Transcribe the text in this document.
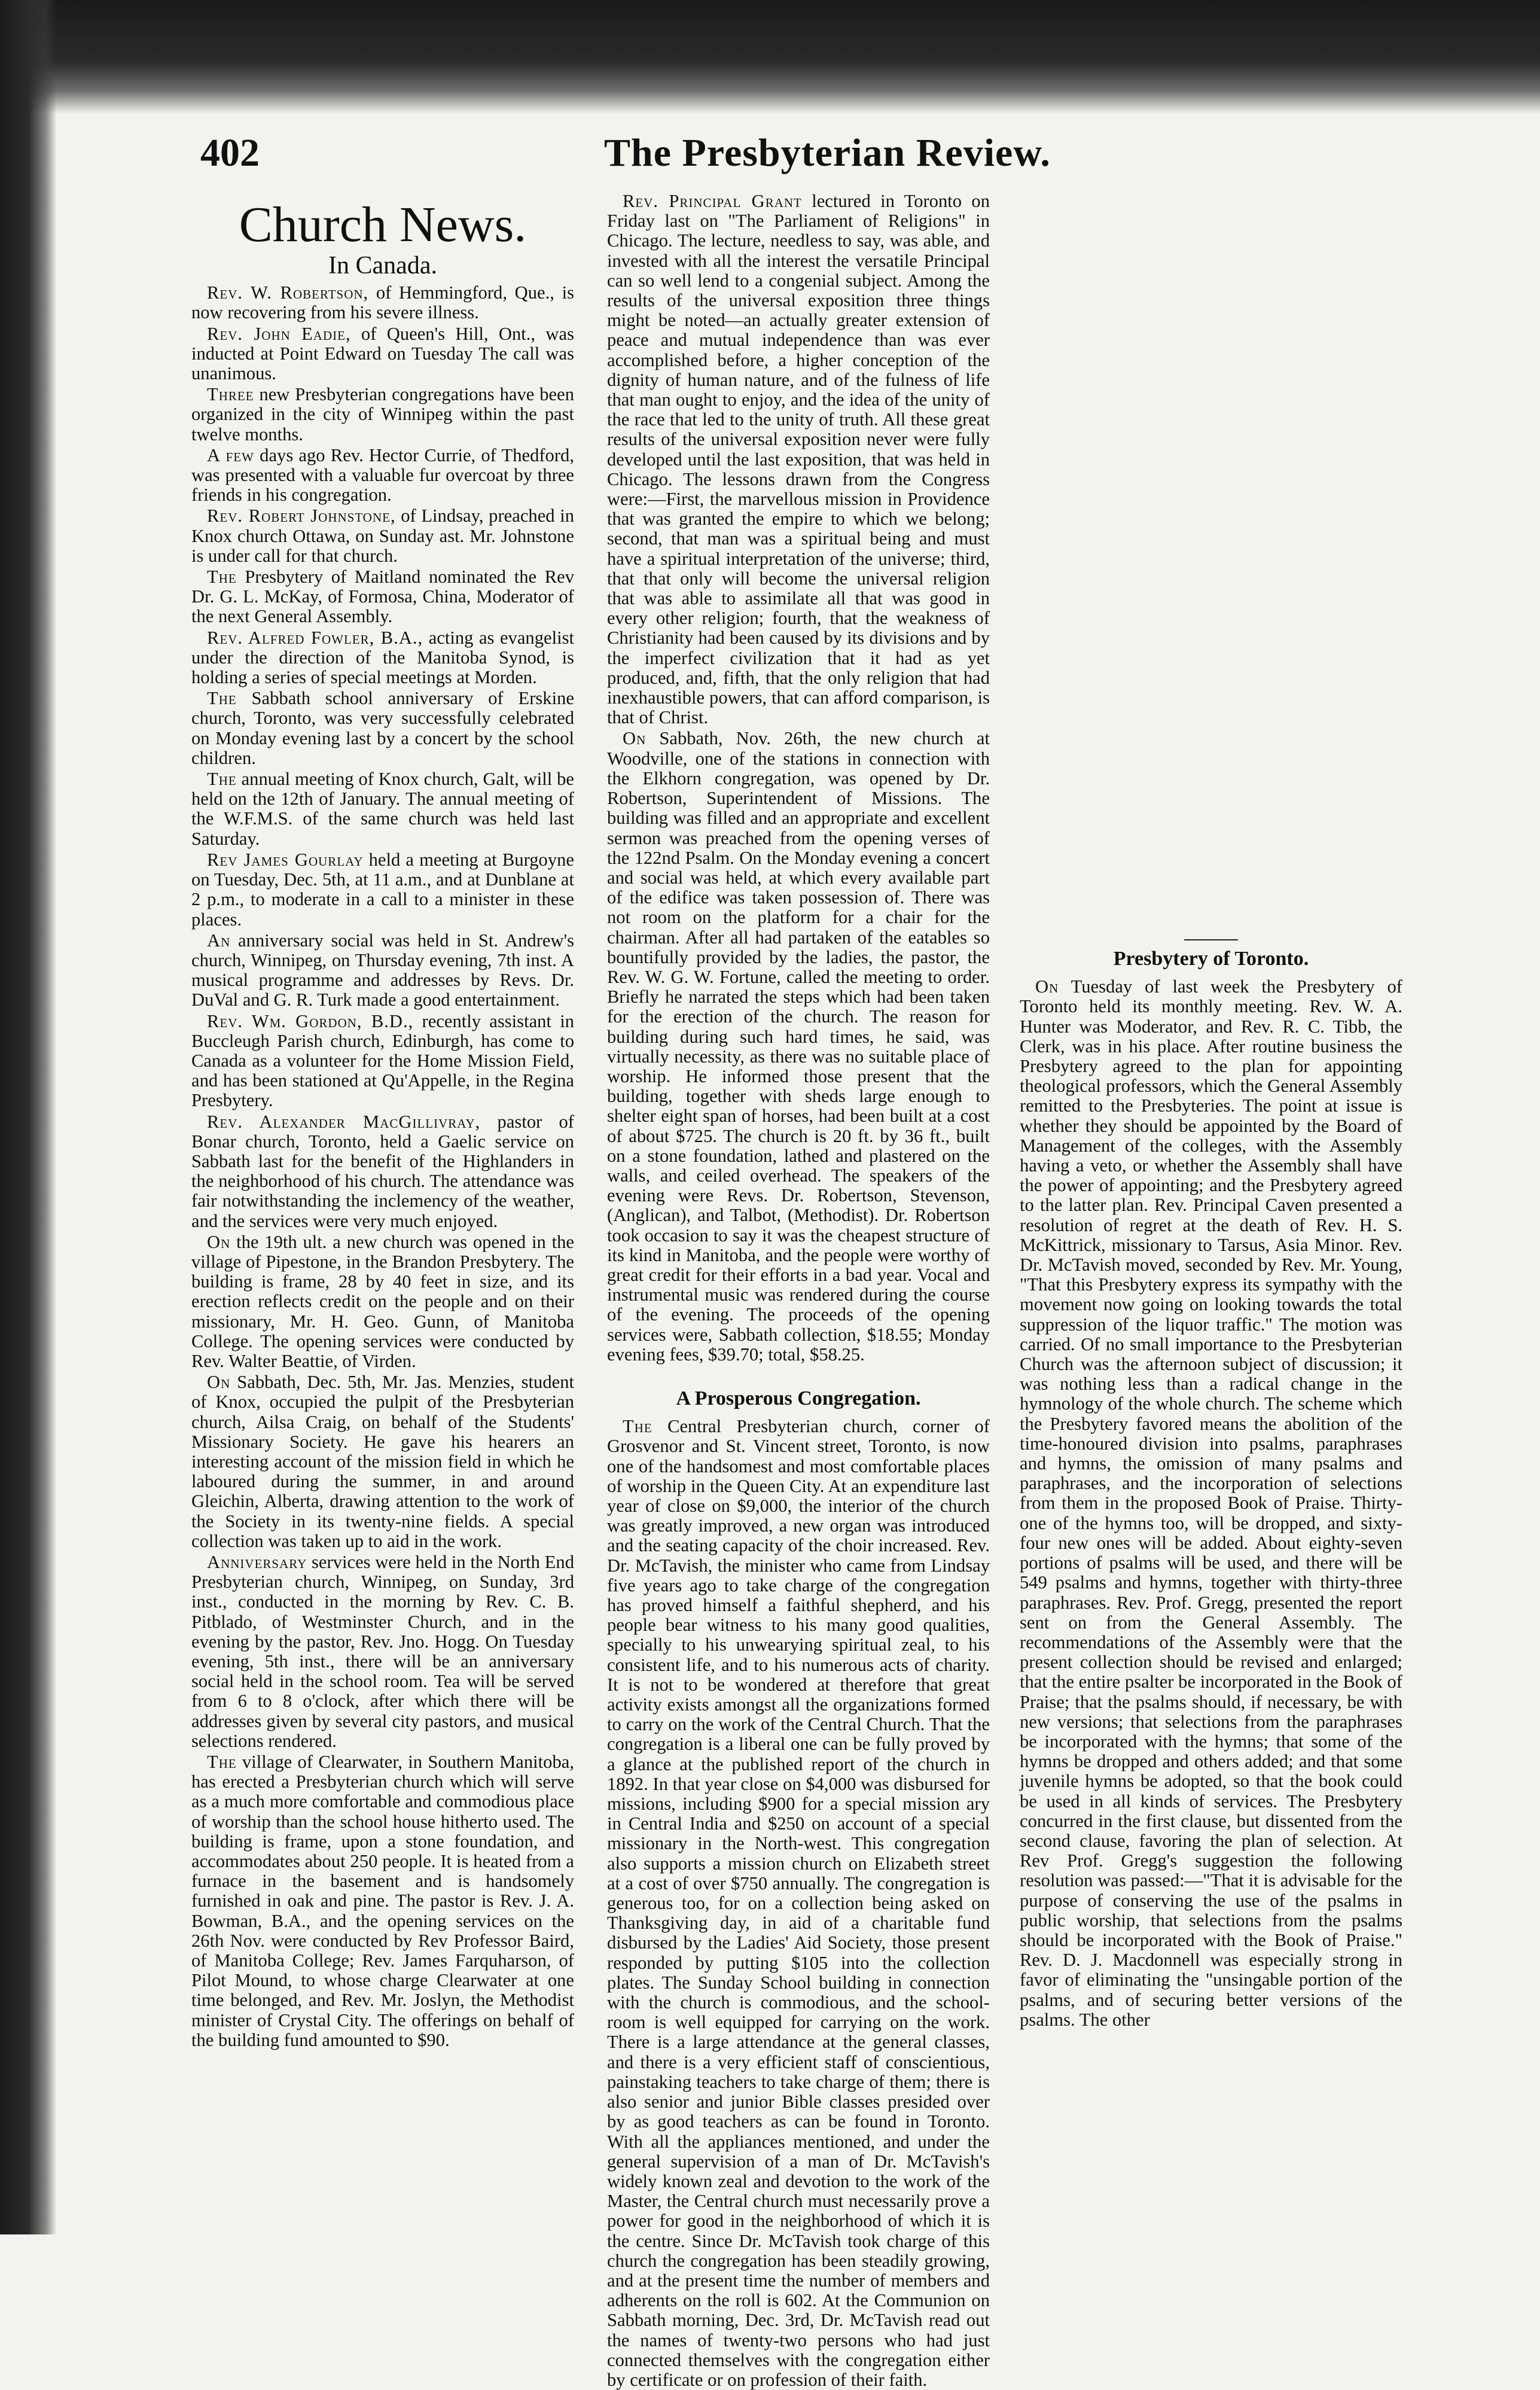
402	The Presbyterian Review.
Church News.
In Canada.

Rev. W. Robertson, of Hemmingford, Que., is now recovering from his severe illness.

Rev. John Eadie, of Queen's Hill, Ont., was inducted at Point Edward on Tuesday The call was unanimous.

Three new Presbyterian congregations have been organized in the city of Winnipeg within the past twelve months.

A few days ago Rev. Hector Currie, of Thedford, was presented with a valuable fur overcoat by three friends in his congregation.

Rev. Robert Johnstone, of Lindsay, preached in Knox church Ottawa, on Sunday ast. Mr. Johnstone is under call for that church.

The Presbytery of Maitland nominated the Rev Dr. G. L. McKay, of Formosa, China, Moderator of the next General Assembly.

Rev. Alfred Fowler, B.A., acting as evangelist under the direction of the Manitoba Synod, is holding a series of special meetings at Morden.

The Sabbath school anniversary of Erskine church, Toronto, was very successfully celebrated on Monday evening last by a concert by the school children.

The annual meeting of Knox church, Galt, will be held on the 12th of January. The annual meeting of the W.F.M.S. of the same church was held last Saturday.

Rev James Gourlay held a meeting at Burgoyne on Tuesday, Dec. 5th, at 11 a.m., and at Dunblane at 2 p.m., to moderate in a call to a minister in these places.

An anniversary social was held in St. Andrew's church, Winnipeg, on Thursday evening, 7th inst. A musical programme and addresses by Revs. Dr. DuVal and G. R. Turk made a good entertainment.

Rev. Wm. Gordon, B.D., recently assistant in Buccleugh Parish church, Edinburgh, has come to Canada as a volunteer for the Home Mission Field, and has been stationed at Qu'Appelle, in the Regina Presbytery.

Rev. Alexander MacGillivray, pastor of Bonar church, Toronto, held a Gaelic service on Sabbath last for the benefit of the Highlanders in the neighborhood of his church. The attendance was fair notwithstanding the inclemency of the weather, and the services were very much enjoyed.

On the 19th ult. a new church was opened in the village of Pipestone, in the Brandon Presbytery. The building is frame, 28 by 40 feet in size, and its erection reflects credit on the people and on their missionary, Mr. H. Geo. Gunn, of Manitoba College. The opening services were conducted by Rev. Walter Beattie, of Virden.

On Sabbath, Dec. 5th, Mr. Jas. Menzies, student of Knox, occupied the pulpit of the Presbyterian church, Ailsa Craig, on behalf of the Students' Missionary Society. He gave his hearers an interesting account of the mission field in which he laboured during the summer, in and around Gleichin, Alberta, drawing attention to the work of the Society in its twenty-nine fields. A special collection was taken up to aid in the work.

Anniversary services were held in the North End Presbyterian church, Winnipeg, on Sunday, 3rd inst., conducted in the morning by Rev. C. B. Pitblado, of Westminster Church, and in the evening by the pastor, Rev. Jno. Hogg. On Tuesday evening, 5th inst., there will be an anniversary social held in the school room. Tea will be served from 6 to 8 o'clock, after which there will be addresses given by several city pastors, and musical selections rendered.

The village of Clearwater, in Southern Manitoba, has erected a Presbyterian church which will serve as a much more comfortable and commodious place of worship than the school house hitherto used. The building is frame, upon a stone foundation, and accommodates about 250 people. It is heated from a furnace in the basement and is handsomely furnished in oak and pine. The pastor is Rev. J. A. Bowman, B.A., and the opening services on the 26th Nov. were conducted by Rev Professor Baird, of Manitoba College; Rev. James Farquharson, of Pilot Mound, to whose charge Clearwater at one time belonged, and Rev. Mr. Joslyn, the Methodist minister of Crystal City. The offerings on behalf of the building fund amounted to $90.

Rev. Principal Grant lectured in Toronto on Friday last on "The Parliament of Religions" in Chicago. The lecture, needless to say, was able, and invested with all the interest the versatile Principal can so well lend to a congenial subject. Among the results of the universal exposition three things might be noted—an actually greater extension of peace and mutual independence than was ever accomplished before, a higher conception of the dignity of human nature, and of the fulness of life that man ought to enjoy, and the idea of the unity of the race that led to the unity of truth. All these great results of the universal exposition never were fully developed until the last exposition, that was held in Chicago. The lessons drawn from the Congress were:—First, the marvellous mission in Providence that was granted the empire to which we belong; second, that man was a spiritual being and must have a spiritual interpretation of the universe; third, that that only will become the universal religion that was able to assimilate all that was good in every other religion; fourth, that the weakness of Christianity had been caused by its divisions and by the imperfect civilization that it had as yet produced, and, fifth, that the only religion that had inexhaustible powers, that can afford comparison, is that of Christ.

On Sabbath, Nov. 26th, the new church at Woodville, one of the stations in connection with the Elkhorn congregation, was opened by Dr. Robertson, Superintendent of Missions. The building was filled and an appropriate and excellent sermon was preached from the opening verses of the 122nd Psalm. On the Monday evening a concert and social was held, at which every available part of the edifice was taken possession of. There was not room on the platform for a chair for the chairman. After all had partaken of the eatables so bountifully provided by the ladies, the pastor, the Rev. W. G. W. Fortune, called the meeting to order. Briefly he narrated the steps which had been taken for the erection of the church. The reason for building during such hard times, he said, was virtually necessity, as there was no suitable place of worship. He informed those present that the building, together with sheds large enough to shelter eight span of horses, had been built at a cost of about $725. The church is 20 ft. by 36 ft., built on a stone foundation, lathed and plastered on the walls, and ceiled overhead. The speakers of the evening were Revs. Dr. Robertson, Stevenson, (Anglican), and Talbot, (Methodist). Dr. Robertson took occasion to say it was the cheapest structure of its kind in Manitoba, and the people were worthy of great credit for their efforts in a bad year. Vocal and instrumental music was rendered during the course of the evening. The proceeds of the opening services were, Sabbath collection, $18.55; Monday evening fees, $39.70; total, $58.25.

A Prosperous Congregation.

The Central Presbyterian church, corner of Grosvenor and St. Vincent street, Toronto, is now one of the handsomest and most comfortable places of worship in the Queen City. At an expenditure last year of close on $9,000, the interior of the church was greatly improved, a new organ was introduced and the seating capacity of the choir increased. Rev. Dr. McTavish, the minister who came from Lindsay five years ago to take charge of the congregation has proved himself a faithful shepherd, and his people bear witness to his many good qualities, specially to his unwearying spiritual zeal, to his consistent life, and to his numerous acts of charity. It is not to be wondered at therefore that great activity exists amongst all the organizations formed to carry on the work of the Central Church. That the congregation is a liberal one can be fully proved by a glance at the published report of the church in 1892. In that year close on $4,000 was disbursed for missions, including $900 for a special mission ary in Central India and $250 on account of a special missionary in the North-west. This congregation also supports a mission church on Elizabeth street at a cost of over $750 annually. The congregation is generous too, for on a collection being asked on Thanksgiving day, in aid of a charitable fund disbursed by the Ladies' Aid Society, those present responded by putting $105 into the collection plates. The Sunday School building in connection with the church is commodious, and the school-room is well equipped for carrying on the work. There is a large attendance at the general classes, and there is a very efficient staff of conscientious, painstaking teachers to take charge of them; there is also senior and junior Bible classes presided over by as good teachers as can be found in Toronto. With all the appliances mentioned, and under the general supervision of a man of Dr. McTavish's widely known zeal and devotion to the work of the Master, the Central church must necessarily prove a power for good in the neighborhood of which it is the centre. Since Dr. McTavish took charge of this church the congregation has been steadily growing, and at the present time the number of members and adherents on the roll is 602. At the Communion on Sabbath morning, Dec. 3rd, Dr. McTavish read out the names of twenty-two persons who had just connected themselves with the congregation either by certificate or on profession of their faith.

Presbytery of Toronto.

On Tuesday of last week the Presbytery of Toronto held its monthly meeting. Rev. W. A. Hunter was Moderator, and Rev. R. C. Tibb, the Clerk, was in his place. After routine business the Presbytery agreed to the plan for appointing theological professors, which the General Assembly remitted to the Presbyteries. The point at issue is whether they should be appointed by the Board of Management of the colleges, with the Assembly having a veto, or whether the Assembly shall have the power of appointing; and the Presbytery agreed to the latter plan. Rev. Principal Caven presented a resolution of regret at the death of Rev. H. S. McKittrick, missionary to Tarsus, Asia Minor. Rev. Dr. McTavish moved, seconded by Rev. Mr. Young, "That this Presbytery express its sympathy with the movement now going on looking towards the total suppression of the liquor traffic." The motion was carried. Of no small importance to the Presbyterian Church was the afternoon subject of discussion; it was nothing less than a radical change in the hymnology of the whole church. The scheme which the Presbytery favored means the abolition of the time-honoured division into psalms, paraphrases and hymns, the omission of many psalms and paraphrases, and the incorporation of selections from them in the proposed Book of Praise. Thirty-one of the hymns too, will be dropped, and sixty-four new ones will be added. About eighty-seven portions of psalms will be used, and there will be 549 psalms and hymns, together with thirty-three paraphrases. Rev. Prof. Gregg, presented the report sent on from the General Assembly. The recommendations of the Assembly were that the present collection should be revised and enlarged; that the entire psalter be incorporated in the Book of Praise; that the psalms should, if necessary, be with new versions; that selections from the paraphrases be incorporated with the hymns; that some of the hymns be dropped and others added; and that some juvenile hymns be adopted, so that the book could be used in all kinds of services. The Presbytery concurred in the first clause, but dissented from the second clause, favoring the plan of selection. At Rev Prof. Gregg's suggestion the following resolution was passed:—"That it is advisable for the purpose of conserving the use of the psalms in public worship, that selections from the psalms should be incorporated with the Book of Praise." Rev. D. J. Macdonnell was especially strong in favor of eliminating the "unsingable portion of the psalms, and of securing better versions of the psalms. The other
